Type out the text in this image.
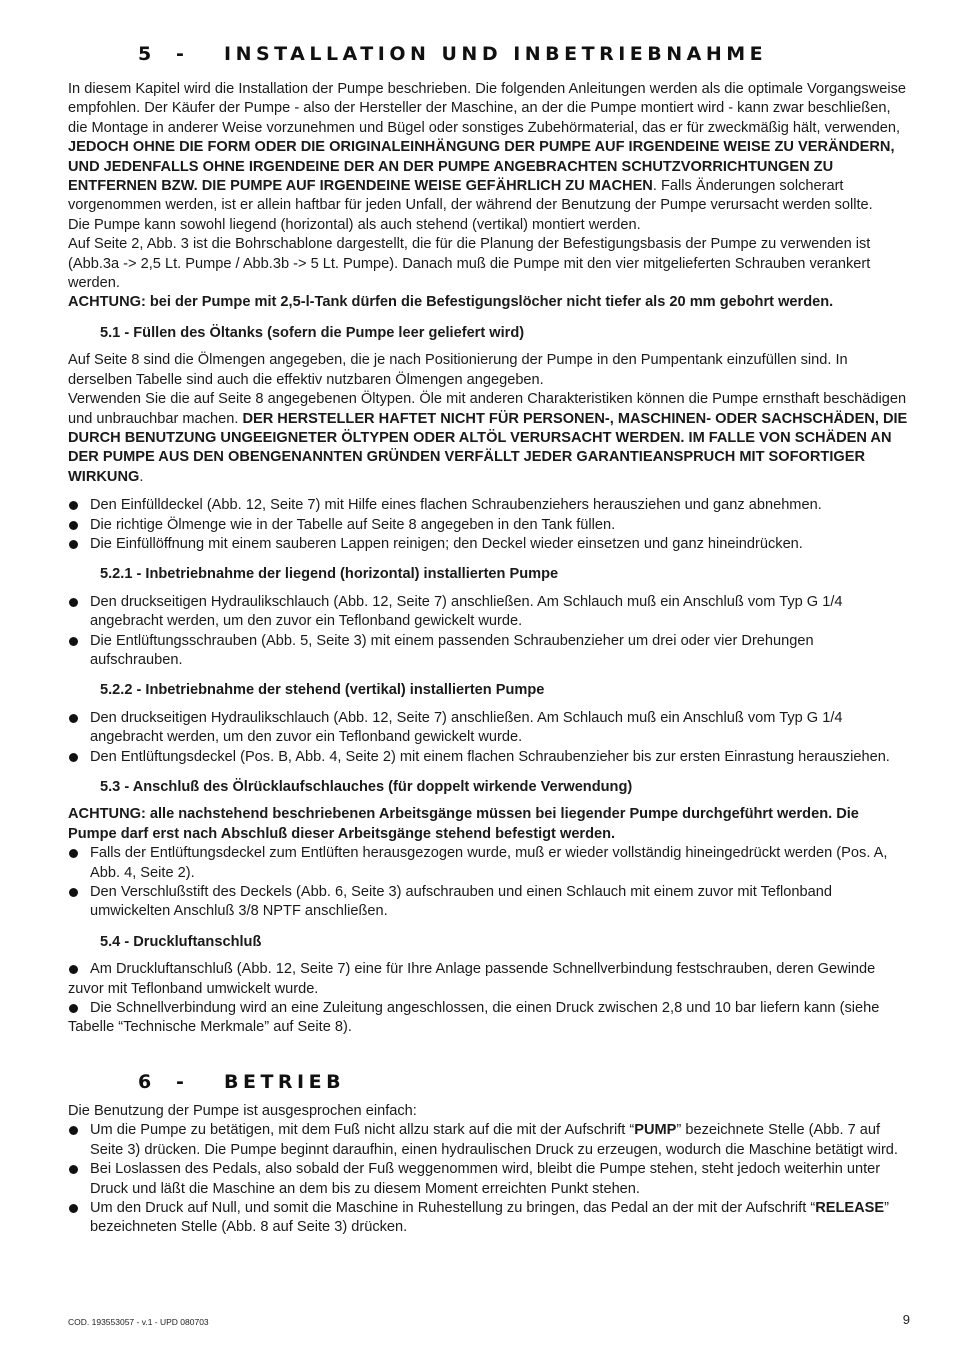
5 - INSTALLATION UND INBETRIEBNAHME

In diesem Kapitel wird die Installation der Pumpe beschrieben. Die folgenden Anleitungen werden als die optimale Vorgangsweise empfohlen. Der Käufer der Pumpe - also der Hersteller der Maschine, an der die Pumpe montiert wird - kann zwar beschließen, die Montage in anderer Weise vorzunehmen und Bügel oder sonstiges Zubehörmaterial, das er für zweckmäßig hält, verwenden, JEDOCH OHNE DIE FORM ODER DIE ORIGINALEINHÄNGUNG DER PUMPE AUF IRGENDEINE WEISE ZU VERÄNDERN, UND JEDENFALLS OHNE IRGENDEINE DER AN DER PUMPE ANGEBRACHTEN SCHUTZVORRICHTUNGEN ZU ENTFERNEN BZW. DIE PUMPE AUF IRGENDEINE WEISE GEFÄHRLICH ZU MACHEN. Falls Änderungen solcherart vorgenommen werden, ist er allein haftbar für jeden Unfall, der während der Benutzung der Pumpe verursacht werden sollte.

Die Pumpe kann sowohl liegend (horizontal) als auch stehend (vertikal) montiert werden.

Auf Seite 2, Abb. 3 ist die Bohrschablone dargestellt, die für die Planung der Befestigungsbasis der Pumpe zu verwenden ist (Abb.3a -> 2,5 Lt. Pumpe / Abb.3b -> 5 Lt. Pumpe). Danach muß die Pumpe mit den vier mitgelieferten Schrauben verankert werden.

ACHTUNG: bei der Pumpe mit 2,5-l-Tank dürfen die Befestigungslöcher nicht tiefer als 20 mm gebohrt werden.

5.1 - Füllen des Öltanks (sofern die Pumpe leer geliefert wird)

Auf Seite 8 sind die Ölmengen angegeben, die je nach Positionierung der Pumpe in den Pumpentank einzufüllen sind. In derselben Tabelle sind auch die effektiv nutzbaren Ölmengen angegeben.

Verwenden Sie die auf Seite 8 angegebenen Öltypen. Öle mit anderen Charakteristiken können die Pumpe ernsthaft beschädigen und unbrauchbar machen. DER HERSTELLER HAFTET NICHT FÜR PERSONEN-, MASCHINEN- ODER SACHSCHÄDEN, DIE DURCH BENUTZUNG UNGEEIGNETER ÖLTYPEN ODER ALTÖL VERURSACHT WERDEN. IM FALLE VON SCHÄDEN AN DER PUMPE AUS DEN OBENGENANNTEN GRÜNDEN VERFÄLLT JEDER GARANTIEANSPRUCH MIT SOFORTIGER WIRKUNG.

Den Einfülldeckel (Abb. 12, Seite 7) mit Hilfe eines flachen Schraubenziehers herausziehen und ganz abnehmen.
Die richtige Ölmenge wie in der Tabelle auf Seite 8 angegeben in den Tank füllen.
Die Einfüllöffnung mit einem sauberen Lappen reinigen; den Deckel wieder einsetzen und ganz hineindrücken.
5.2.1 - Inbetriebnahme der liegend (horizontal) installierten Pumpe
Den druckseitigen Hydraulikschlauch (Abb. 12, Seite 7) anschließen. Am Schlauch muß ein Anschluß vom Typ G 1/4 angebracht werden, um den zuvor ein Teflonband gewickelt wurde.
Die Entlüftungsschrauben (Abb. 5, Seite 3) mit einem passenden Schraubenzieher um drei oder vier Drehungen aufschrauben.
5.2.2 - Inbetriebnahme der stehend (vertikal) installierten Pumpe
Den druckseitigen Hydraulikschlauch (Abb. 12, Seite 7) anschließen. Am Schlauch muß ein Anschluß vom Typ G 1/4 angebracht werden, um den zuvor ein Teflonband gewickelt wurde.
Den Entlüftungsdeckel (Pos. B, Abb. 4, Seite 2) mit einem flachen Schraubenzieher bis zur ersten Einrastung herausziehen.
5.3 - Anschluß des Ölrücklaufschlauches (für doppelt wirkende Verwendung)

ACHTUNG: alle nachstehend beschriebenen Arbeitsgänge müssen bei liegender Pumpe durchgeführt werden. Die Pumpe darf erst nach Abschluß dieser Arbeitsgänge stehend befestigt werden.

Falls der Entlüftungsdeckel zum Entlüften herausgezogen wurde, muß er wieder vollständig hineingedrückt werden (Pos. A, Abb. 4, Seite 2).
Den Verschlußstift des Deckels (Abb. 6, Seite 3) aufschrauben und einen Schlauch mit einem zuvor mit Teflonband umwickelten Anschluß 3/8 NPTF anschließen.
5.4 - Druckluftanschluß

Am Druckluftanschluß (Abb. 12, Seite 7) eine für Ihre Anlage passende Schnellverbindung festschrauben, deren Gewinde zuvor mit Teflonband umwickelt wurde.

Die Schnellverbindung wird an eine Zuleitung angeschlossen, die einen Druck zwischen 2,8 und 10 bar liefern kann (siehe Tabelle “Technische Merkmale” auf Seite 8).

6 - BETRIEB

Die Benutzung der Pumpe ist ausgesprochen einfach:

Um die Pumpe zu betätigen, mit dem Fuß nicht allzu stark auf die mit der Aufschrift “PUMP” bezeichnete Stelle (Abb. 7 auf Seite 3) drücken. Die Pumpe beginnt daraufhin, einen hydraulischen Druck zu erzeugen, wodurch die Maschine betätigt wird.
Bei Loslassen des Pedals, also sobald der Fuß weggenommen wird, bleibt die Pumpe stehen, steht jedoch weiterhin unter Druck und läßt die Maschine an dem bis zu diesem Moment erreichten Punkt stehen.
Um den Druck auf Null, und somit die Maschine in Ruhestellung zu bringen, das Pedal an der mit der Aufschrift “RELEASE” bezeichneten Stelle (Abb. 8 auf Seite 3) drücken.
COD. 193553057 - v.1 - UPD 080703	9
